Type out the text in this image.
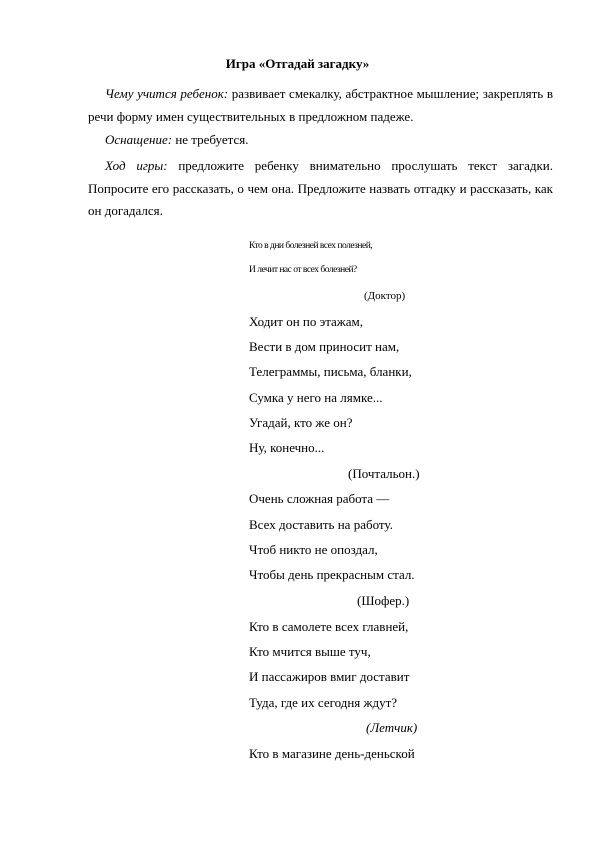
Игра «Отгадай загадку»
Чему учится ребенок: развивает смекалку, абстрактное мышление; закреплять в речи форму имен существительных в предложном падеже.
Оснащение: не требуется.
Ход игры: предложите ребенку внимательно прослушать текст загадки. Попросите его рассказать, о чем она. Предложите назвать отгадку и рассказать, как он догадался.
Кто в дни болезней всех полезней,
И лечит нас от всех болезней?
(Доктор)
Ходит он по этажам,
Вести в дом приносит нам,
Телеграммы, письма, бланки,
Сумка у него на лямке...
Угадай, кто же он?
Ну, конечно...
(Почтальон.)
Очень сложная работа —
Всех доставить на работу.
Чтоб никто не опоздал,
Чтобы день прекрасным стал.
(Шофер.)
Кто в самолете всех главней,
Кто мчится выше туч,
И пассажиров вмиг доставит
Туда, где их сегодня ждут?
(Летчик)
Кто в магазине день-деньской
